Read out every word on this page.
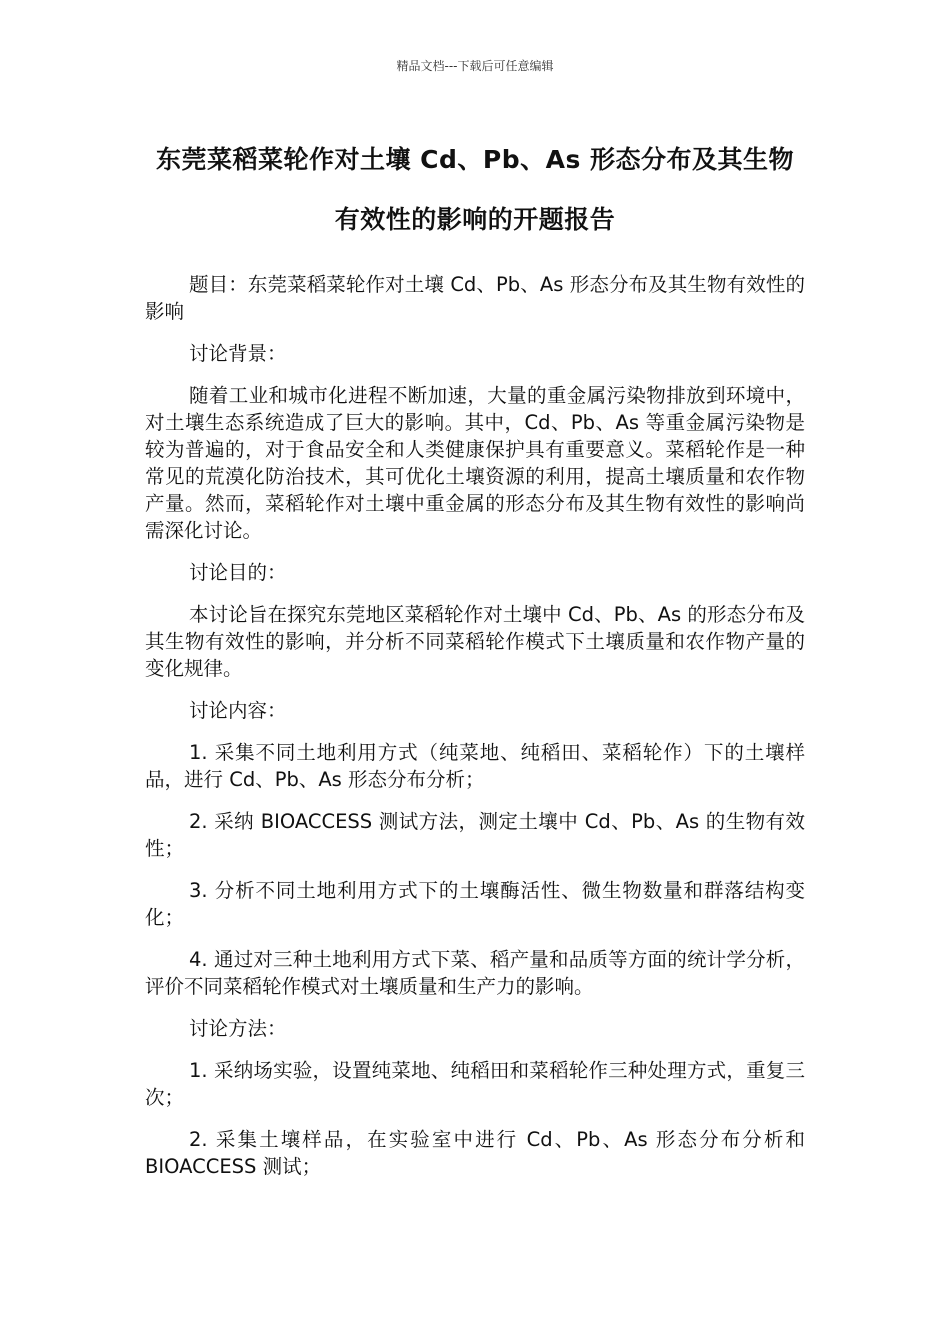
精品文档---下载后可任意编辑
东莞菜稻菜轮作对土壤 Cd、Pb、As 形态分布及其生物有效性的影响的开题报告

题目：东莞菜稻菜轮作对土壤 Cd、Pb、As 形态分布及其生物有效性的影响

讨论背景：

随着工业和城市化进程不断加速，大量的重金属污染物排放到环境中，对土壤生态系统造成了巨大的影响。其中，Cd、Pb、As 等重金属污染物是较为普遍的，对于食品安全和人类健康保护具有重要意义。菜稻轮作是一种常见的荒漠化防治技术，其可优化土壤资源的利用，提高土壤质量和农作物产量。然而，菜稻轮作对土壤中重金属的形态分布及其生物有效性的影响尚需深化讨论。

讨论目的：

本讨论旨在探究东莞地区菜稻轮作对土壤中 Cd、Pb、As 的形态分布及其生物有效性的影响，并分析不同菜稻轮作模式下土壤质量和农作物产量的变化规律。

讨论内容：

1. 采集不同土地利用方式（纯菜地、纯稻田、菜稻轮作）下的土壤样品，进行 Cd、Pb、As 形态分布分析；

2. 采纳 BIOACCESS 测试方法，测定土壤中 Cd、Pb、As 的生物有效性；

3. 分析不同土地利用方式下的土壤酶活性、微生物数量和群落结构变化；

4. 通过对三种土地利用方式下菜、稻产量和品质等方面的统计学分析，评价不同菜稻轮作模式对土壤质量和生产力的影响。

讨论方法：

1. 采纳场实验，设置纯菜地、纯稻田和菜稻轮作三种处理方式，重复三次；

2. 采集土壤样品，在实验室中进行 Cd、Pb、As 形态分布分析和 BIOACCESS 测试；
